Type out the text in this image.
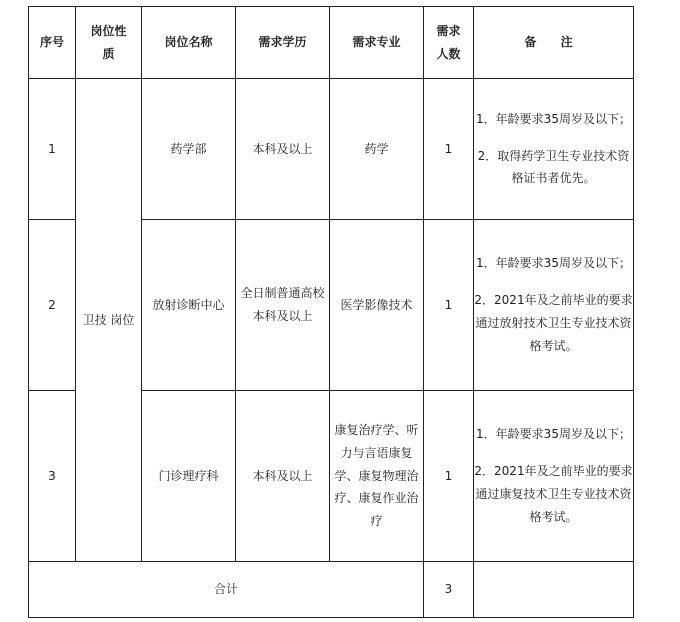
序号	岗位性质	岗位名称	需求学历	需求专业	需求人数	备 注
1	卫技 岗位	药学部	本科及以上	药学	1	1．年龄要求35周岁及以下；

2．取得药学卫生专业技术资格证书者优先。

2		放射诊断中心	全日制普通高校本科及以上	医学影像技术	1	1．年龄要求35周岁及以下；

2．2021年及之前毕业的要求通过放射技术卫生专业技术资格考试。

3		门诊理疗科	本科及以上	康复治疗学、听力与言语康复学、康复物理治疗、康复作业治疗	1	1．年龄要求35周岁及以下；

2．2021年及之前毕业的要求通过康复技术卫生专业技术资格考试。

合计					3	
